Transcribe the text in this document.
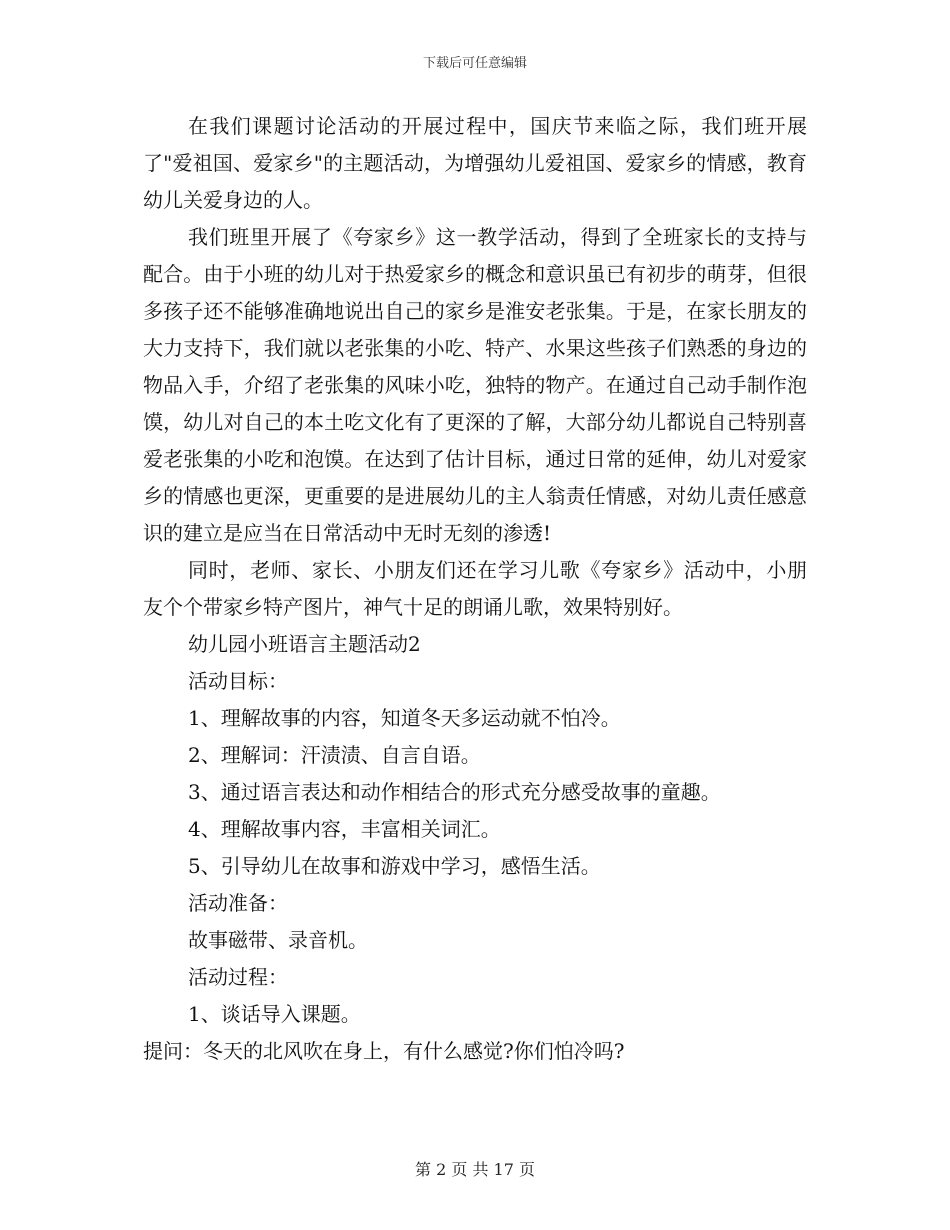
下载后可任意编辑

在我们课题讨论活动的开展过程中，国庆节来临之际，我们班开展了"爱祖国、爱家乡"的主题活动，为增强幼儿爱祖国、爱家乡的情感，教育幼儿关爱身边的人。

我们班里开展了《夸家乡》这一教学活动，得到了全班家长的支持与配合。由于小班的幼儿对于热爱家乡的概念和意识虽已有初步的萌芽，但很多孩子还不能够准确地说出自己的家乡是淮安老张集。于是，在家长朋友的大力支持下，我们就以老张集的小吃、特产、水果这些孩子们熟悉的身边的物品入手，介绍了老张集的风味小吃，独特的物产。在通过自己动手制作泡馍，幼儿对自己的本土吃文化有了更深的了解，大部分幼儿都说自己特别喜爱老张集的小吃和泡馍。在达到了估计目标，通过日常的延伸，幼儿对爱家乡的情感也更深，更重要的是进展幼儿的主人翁责任情感，对幼儿责任感意识的建立是应当在日常活动中无时无刻的渗透!

同时，老师、家长、小朋友们还在学习儿歌《夸家乡》活动中，小朋友个个带家乡特产图片，神气十足的朗诵儿歌，效果特别好。

幼儿园小班语言主题活动2

活动目标：

1、理解故事的内容，知道冬天多运动就不怕冷。

2、理解词：汗渍渍、自言自语。

3、通过语言表达和动作相结合的形式充分感受故事的童趣。

4、理解故事内容，丰富相关词汇。

5、引导幼儿在故事和游戏中学习，感悟生活。

活动准备：

故事磁带、录音机。

活动过程：

1、谈话导入课题。

提问：冬天的北风吹在身上，有什么感觉?你们怕冷吗?

第 2 页 共 17 页
